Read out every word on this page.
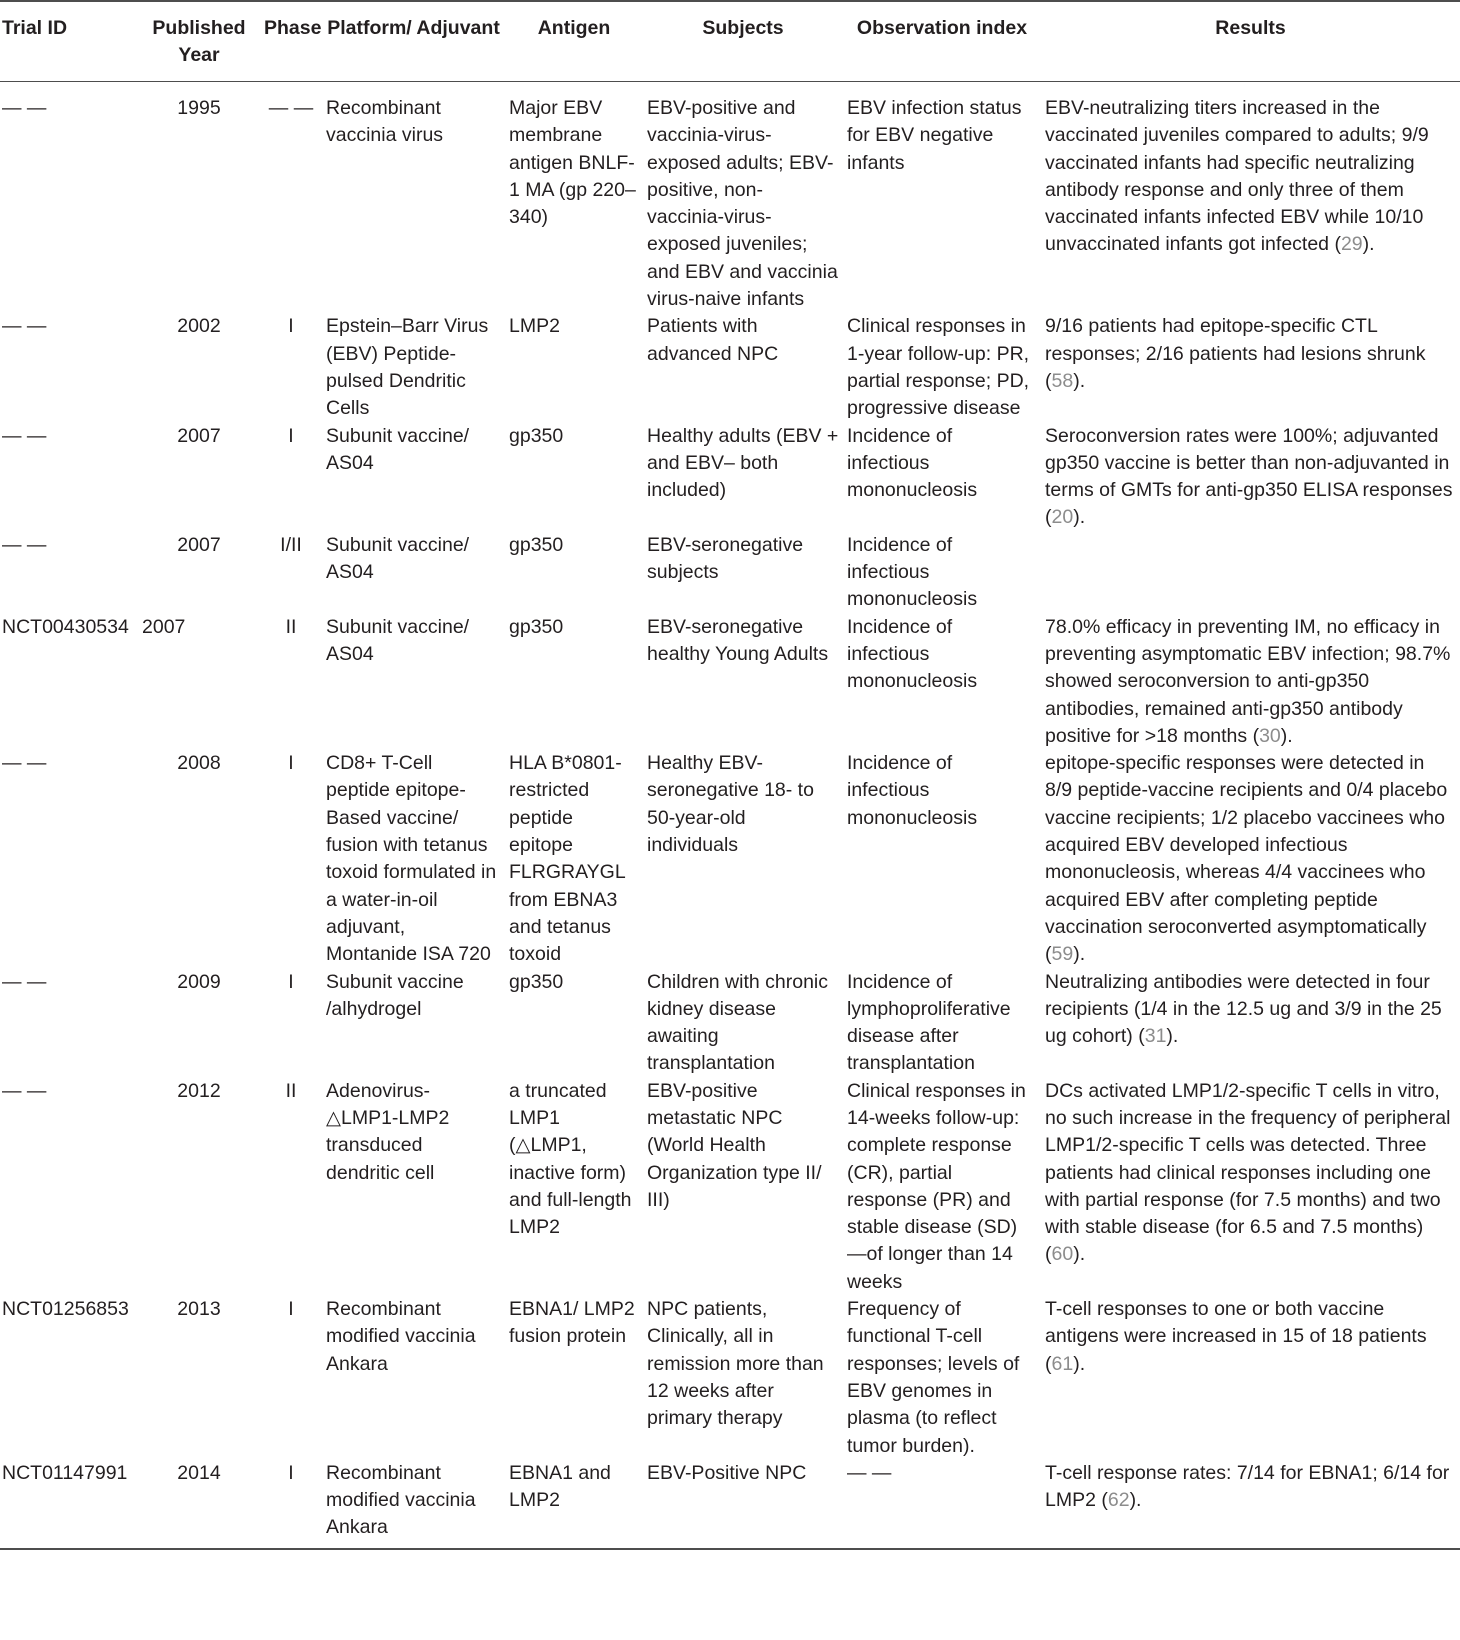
Trial ID	Published Year	Phase	Platform/ Adjuvant	Antigen	Subjects	Observation index	Results
— —	1995	— —	Recombinant vaccinia virus	Major EBV membrane antigen BNLF-1 MA (gp 220–340)	EBV-positive and vaccinia-virus-exposed adults; EBV-positive, non-vaccinia-virus-exposed juveniles; and EBV and vaccinia virus-naive infants	EBV infection status for EBV negative infants	EBV-neutralizing titers increased in the vaccinated juveniles compared to adults; 9/9 vaccinated infants had specific neutralizing antibody response and only three of them vaccinated infants infected EBV while 10/10 unvaccinated infants got infected (29).
— —	2002	I	Epstein–Barr Virus (EBV) Peptide-pulsed Dendritic Cells	LMP2	Patients with advanced NPC	Clinical responses in 1-year follow-up: PR, partial response; PD, progressive disease	9/16 patients had epitope-specific CTL responses; 2/16 patients had lesions shrunk (58).
— —	2007	I	Subunit vaccine/ AS04	gp350	Healthy adults (EBV + and EBV– both included)	Incidence of infectious mononucleosis	Seroconversion rates were 100%; adjuvanted gp350 vaccine is better than non-adjuvanted in terms of GMTs for anti-gp350 ELISA responses (20).
— —	2007	I/II	Subunit vaccine/ AS04	gp350	EBV-seronegative subjects	Incidence of infectious mononucleosis	
NCT00430534	2007	II	Subunit vaccine/ AS04	gp350	EBV-seronegative healthy Young Adults	Incidence of infectious mononucleosis	78.0% efficacy in preventing IM, no efficacy in preventing asymptomatic EBV infection; 98.7% showed seroconversion to anti-gp350 antibodies, remained anti-gp350 antibody positive for >18 months (30).
— —	2008	I	CD8+ T-Cell peptide epitope-Based vaccine/ fusion with tetanus toxoid formulated in a water-in-oil adjuvant, Montanide ISA 720	HLA B*0801-restricted peptide epitope FLRGRAYGL from EBNA3 and tetanus toxoid	Healthy EBV-seronegative 18- to 50-year-old individuals	Incidence of infectious mononucleosis	epitope-specific responses were detected in 8/9 peptide-vaccine recipients and 0/4 placebo vaccine recipients; 1/2 placebo vaccinees who acquired EBV developed infectious mononucleosis, whereas 4/4 vaccinees who acquired EBV after completing peptide vaccination seroconverted asymptomatically (59).
— —	2009	I	Subunit vaccine /alhydrogel	gp350	Children with chronic kidney disease awaiting transplantation	Incidence of lymphoproliferative disease after transplantation	Neutralizing antibodies were detected in four recipients (1/4 in the 12.5 ug and 3/9 in the 25 ug cohort) (31).
— —	2012	II	Adenovirus-△LMP1-LMP2 transduced dendritic cell	a truncated LMP1 (△LMP1, inactive form) and full-length LMP2	EBV-positive metastatic NPC (World Health Organization type II/ III)	Clinical responses in 14-weeks follow-up: complete response (CR), partial response (PR) and stable disease (SD) —of longer than 14 weeks	DCs activated LMP1/2-specific T cells in vitro, no such increase in the frequency of peripheral LMP1/2-specific T cells was detected. Three patients had clinical responses including one with partial response (for 7.5 months) and two with stable disease (for 6.5 and 7.5 months) (60).
NCT01256853	2013	I	Recombinant modified vaccinia Ankara	EBNA1/ LMP2 fusion protein	NPC patients, Clinically, all in remission more than 12 weeks after primary therapy	Frequency of functional T-cell responses; levels of EBV genomes in plasma (to reflect tumor burden).	T-cell responses to one or both vaccine antigens were increased in 15 of 18 patients (61).
NCT01147991	2014	I	Recombinant modified vaccinia Ankara	EBNA1 and LMP2	EBV-Positive NPC	— —	T-cell response rates: 7/14 for EBNA1; 6/14 for LMP2 (62).
